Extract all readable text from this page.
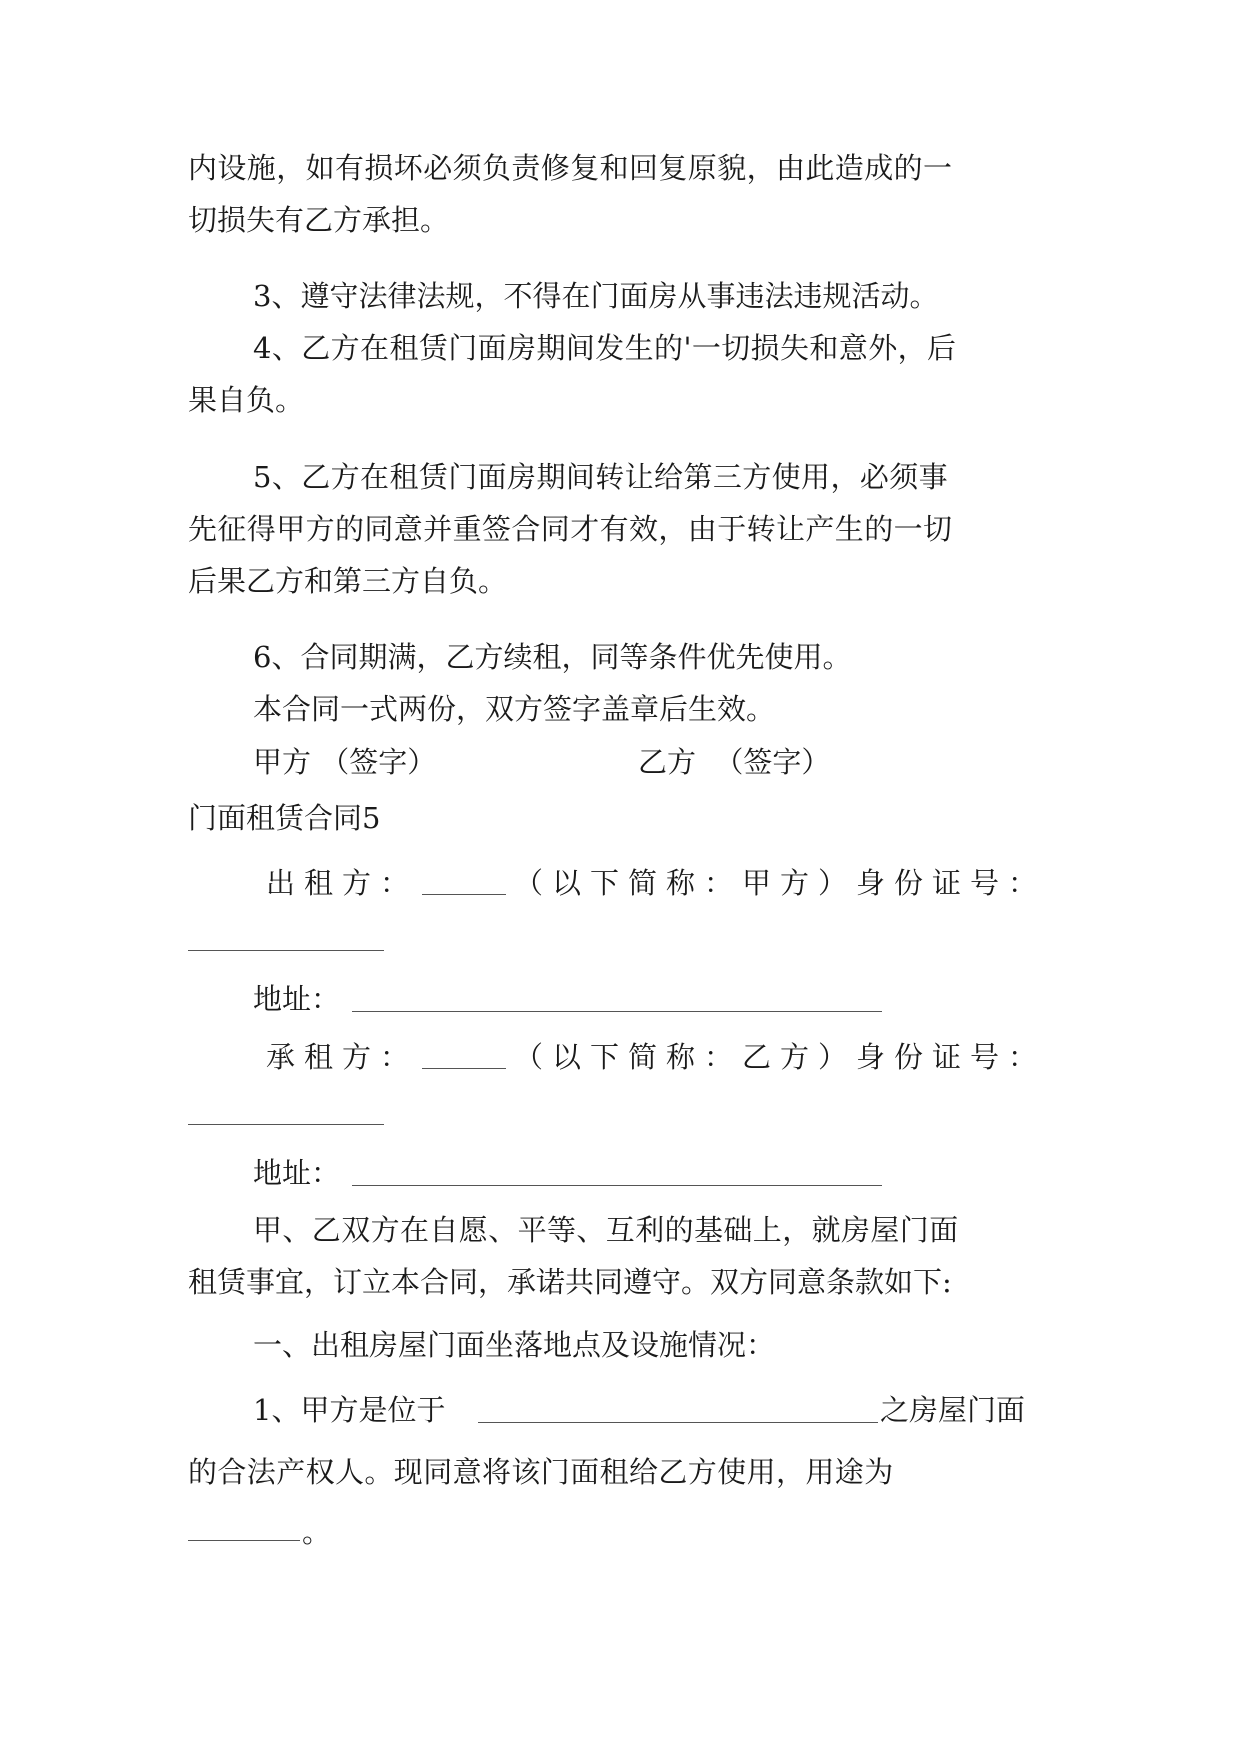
内设施，如有损坏必须负责修复和回复原貌，由此造成的一
切损失有乙方承担。
3、遵守法律法规，不得在门面房从事违法违规活动。
4、乙方在租赁门面房期间发生的'一切损失和意外，后
果自负。
5、乙方在租赁门面房期间转让给第三方使用，必须事
先征得甲方的同意并重签合同才有效，由于转让产生的一切
后果乙方和第三方自负。
6、合同期满，乙方续租，同等条件优先使用。
本合同一式两份，双方签字盖章后生效。
甲方 （签字）	乙方  （签字）
门面租赁合同5
出租方：	（以下简称：甲方）身份证号：
地址：
承租方：	（以下简称：乙方）身份证号：
地址：
甲、乙双方在自愿、平等、互利的基础上，就房屋门面
租赁事宜，订立本合同，承诺共同遵守。双方同意条款如下:
一、出租房屋门面坐落地点及设施情况：
1、甲方是位于	之房屋门面
的合法产权人。现同意将该门面租给乙方使用，用途为
。
